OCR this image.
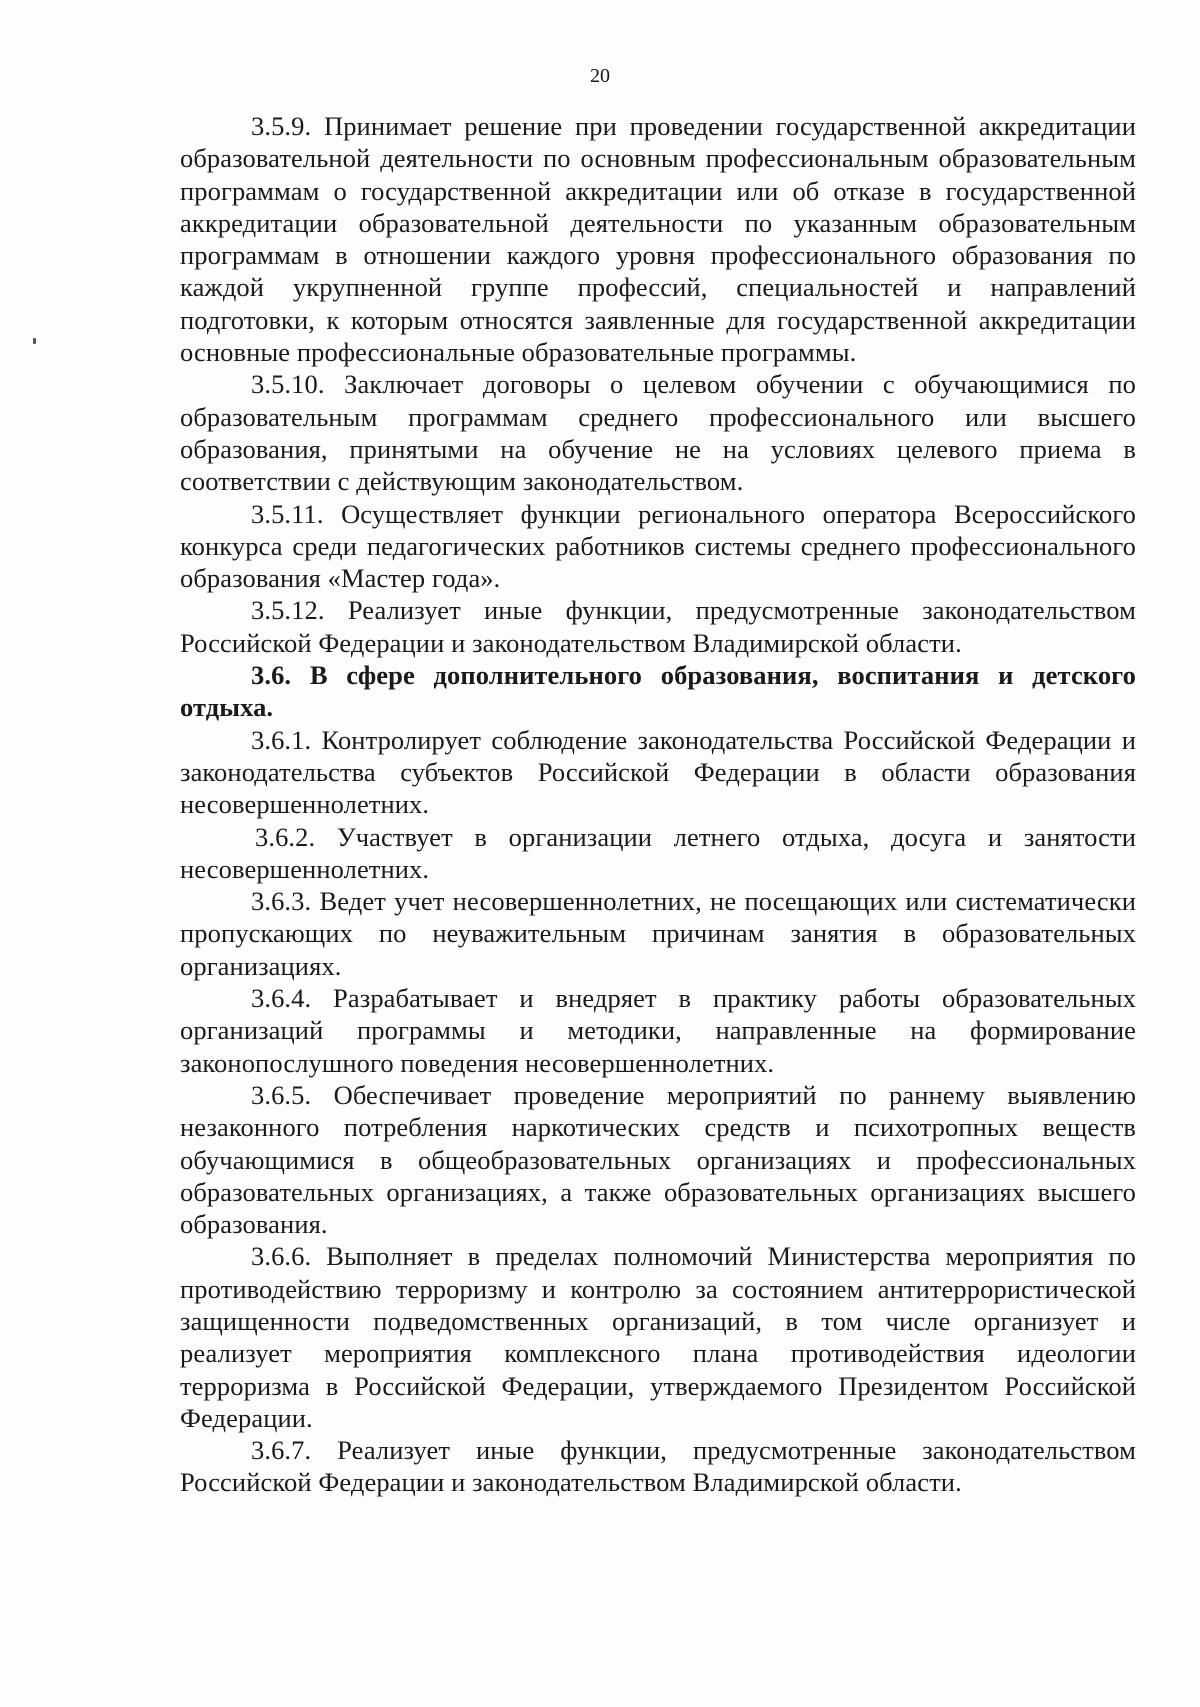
20

3.5.9. Принимает решение при проведении государственной аккредитации образовательной деятельности по основным профессиональным образовательным программам о государственной аккредитации или об отказе в государственной аккредитации образовательной деятельности по указанным образовательным программам в отношении каждого уровня профессионального образования по каждой укрупненной группе профессий, специальностей и направлений подготовки, к которым относятся заявленные для государственной аккредитации основные профессиональные образовательные программы.

3.5.10. Заключает договоры о целевом обучении с обучающимися по образовательным программам среднего профессионального или высшего образования, принятыми на обучение не на условиях целевого приема в соответствии с действующим законодательством.

3.5.11. Осуществляет функции регионального оператора Всероссийского конкурса среди педагогических работников системы среднего профессионального образования «Мастер года».

3.5.12. Реализует иные функции, предусмотренные законодательством Российской Федерации и законодательством Владимирской области.

3.6. В сфере дополнительного образования, воспитания и детского отдыха.

3.6.1. Контролирует соблюдение законодательства Российской Федерации и законодательства субъектов Российской Федерации в области образования несовершеннолетних.

3.6.2. Участвует в организации летнего отдыха, досуга и занятости несовершеннолетних.

3.6.3. Ведет учет несовершеннолетних, не посещающих или систематически пропускающих по неуважительным причинам занятия в образовательных организациях.

3.6.4. Разрабатывает и внедряет в практику работы образовательных организаций программы и методики, направленные на формирование законопослушного поведения несовершеннолетних.

3.6.5. Обеспечивает проведение мероприятий по раннему выявлению незаконного потребления наркотических средств и психотропных веществ обучающимися в общеобразовательных организациях и профессиональных образовательных организациях, а также образовательных организациях высшего образования.

3.6.6. Выполняет в пределах полномочий Министерства мероприятия по противодействию терроризму и контролю за состоянием антитеррористической защищенности подведомственных организаций, в том числе организует и реализует мероприятия комплексного плана противодействия идеологии терроризма в Российской Федерации, утверждаемого Президентом Российской Федерации.

3.6.7. Реализует иные функции, предусмотренные законодательством Российской Федерации и законодательством Владимирской области.
